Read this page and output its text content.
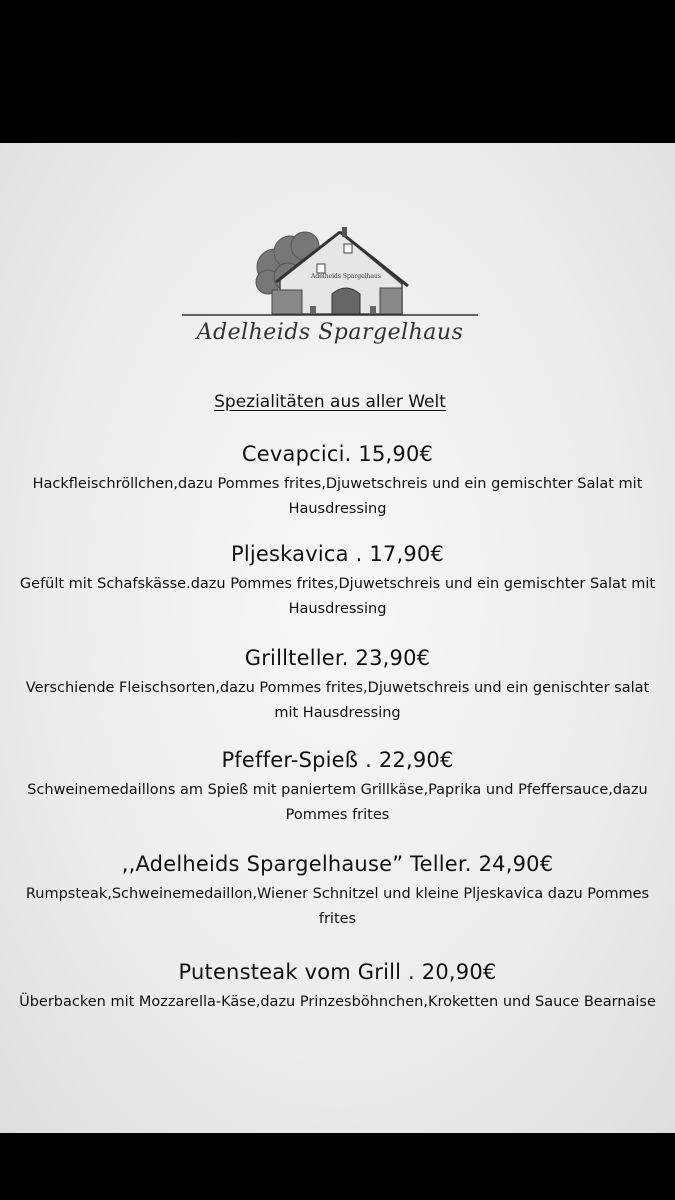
Adelheids Spargelhaus
Adelheids Spargelhaus
Spezialitäten aus aller Welt
Cevapcici. 15,90€
Hackfleischröllchen,dazu Pommes frites,Djuwetschreis und ein gemischter Salat mit Hausdressing
Pljeskavica . 17,90€
Gefült mit Schafskässe.dazu Pommes frites,Djuwetschreis und ein gemischter Salat mit Hausdressing
Grillteller. 23,90€
Verschiende Fleischsorten,dazu Pommes frites,Djuwetschreis und ein genischter salat mit Hausdressing
Pfeffer-Spieß . 22,90€
Schweinemedaillons am Spieß mit paniertem Grillkäse,Paprika und Pfeffersauce,dazu Pommes frites
,,Adelheids Spargelhause” Teller. 24,90€
Rumpsteak,Schweinemedaillon,Wiener Schnitzel und kleine Pljeskavica dazu Pommes frites
Putensteak vom Grill . 20,90€
Überbacken mit Mozzarella-Käse,dazu Prinzesböhnchen,Kroketten und Sauce Bearnaise
